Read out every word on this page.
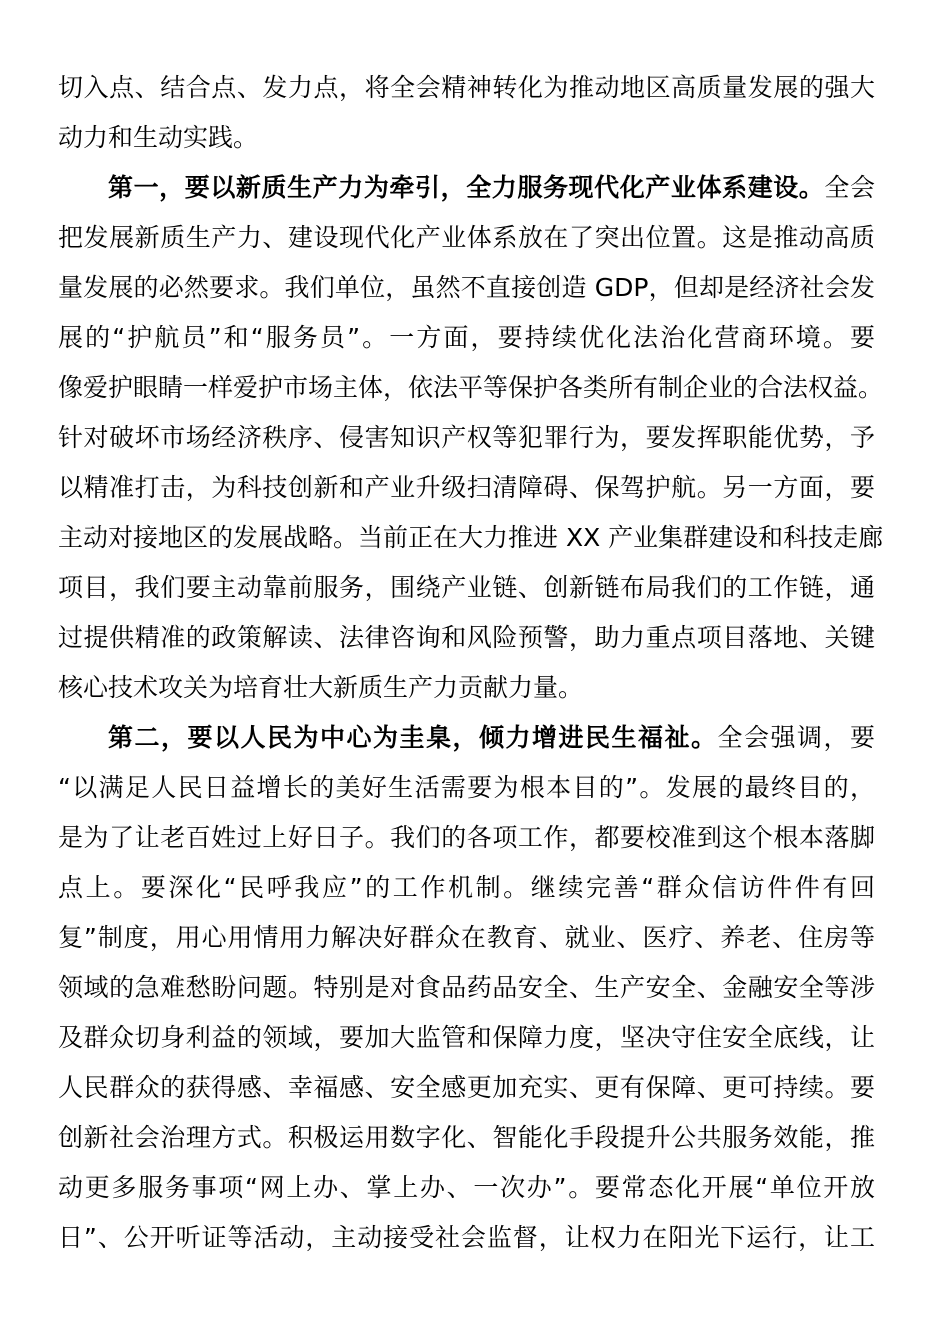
切入点、结合点、发力点，将全会精神转化为推动地区高质量发展的强大
动力和生动实践。
第一，要以新质生产力为牵引，全力服务现代化产业体系建设。全会
把发展新质生产力、建设现代化产业体系放在了突出位置。这是推动高质
量发展的必然要求。我们单位，虽然不直接创造 GDP，但却是经济社会发
展的“护航员”和“服务员”。一方面，要持续优化法治化营商环境。要
像爱护眼睛一样爱护市场主体，依法平等保护各类所有制企业的合法权益。
针对破坏市场经济秩序、侵害知识产权等犯罪行为，要发挥职能优势，予
以精准打击，为科技创新和产业升级扫清障碍、保驾护航。另一方面，要
主动对接地区的发展战略。当前正在大力推进 XX 产业集群建设和科技走廊
项目，我们要主动靠前服务，围绕产业链、创新链布局我们的工作链，通
过提供精准的政策解读、法律咨询和风险预警，助力重点项目落地、关键
核心技术攻关为培育壮大新质生产力贡献力量。
第二，要以人民为中心为圭臬，倾力增进民生福祉。全会强调，要
“以满足人民日益增长的美好生活需要为根本目的”。发展的最终目的，
是为了让老百姓过上好日子。我们的各项工作，都要校准到这个根本落脚
点上。要深化“民呼我应”的工作机制。继续完善“群众信访件件有回
复”制度，用心用情用力解决好群众在教育、就业、医疗、养老、住房等
领域的急难愁盼问题。特别是对食品药品安全、生产安全、金融安全等涉
及群众切身利益的领域，要加大监管和保障力度，坚决守住安全底线，让
人民群众的获得感、幸福感、安全感更加充实、更有保障、更可持续。要
创新社会治理方式。积极运用数字化、智能化手段提升公共服务效能，推
动更多服务事项“网上办、掌上办、一次办”。要常态化开展“单位开放
日”、公开听证等活动，主动接受社会监督，让权力在阳光下运行，让工
